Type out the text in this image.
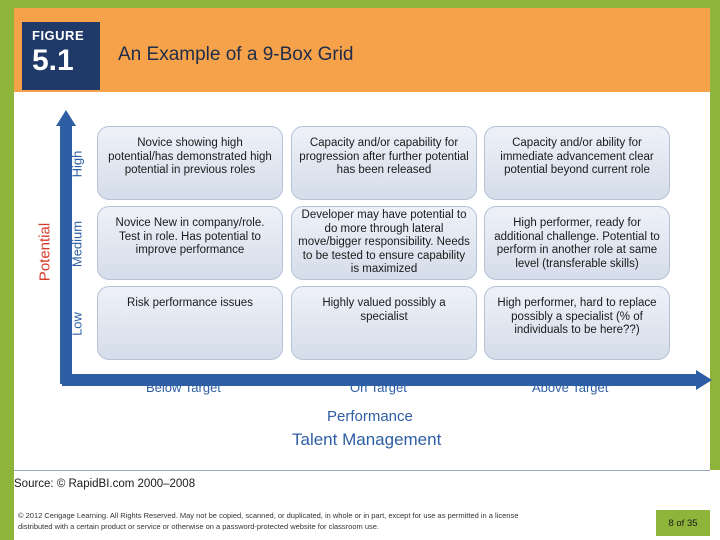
FIGURE
5.1	An Example of a 9-Box Grid
Potential
High
Medium
Low
Novice showing high potential/has demonstrated high potential in previous roles
Capacity and/or capability for progression after further potential has been released
Capacity and/or ability for immediate advancement clear potential beyond current role
Novice New in company/role. Test in role. Has potential to improve performance
Developer may have potential to do more through lateral move/bigger responsibility. Needs to be tested to ensure capability is maximized
High performer, ready for additional challenge. Potential to perform in another role at same level (transferable skills)
Risk performance issues	Highly valued possibly a specialist
High performer, hard to replace possibly a specialist (% of individuals to be here??)
Below Target	On Target	Above Target
Performance
Talent Management
Source: © RapidBI.com 2000–2008
© 2012 Cengage Learning. All Rights Reserved. May not be copied, scanned, or duplicated, in whole or in part, except for use as permitted in a license distributed with a certain product or service or otherwise on a password-protected website for classroom use.	8 of 35
